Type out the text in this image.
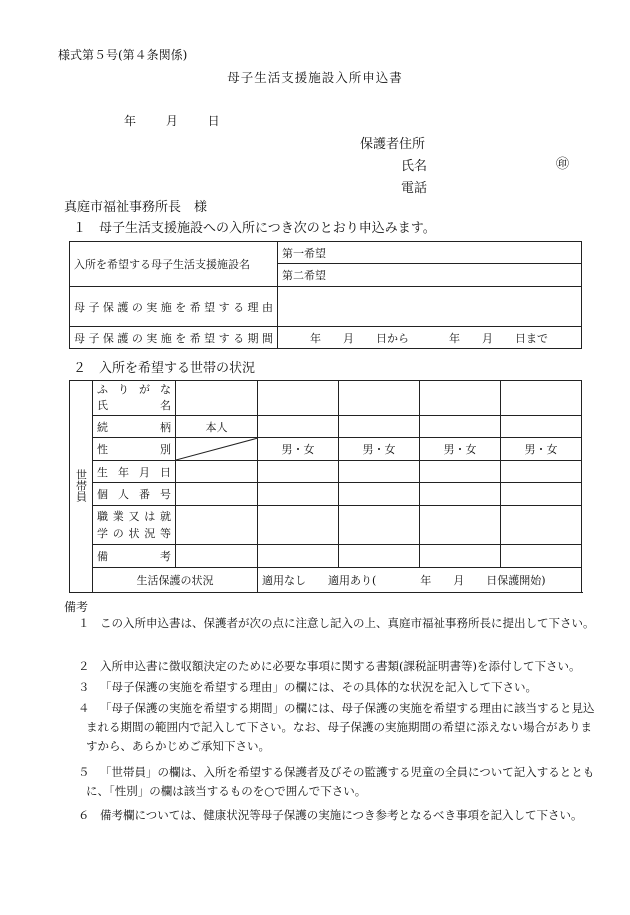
様式第５号(第４条関係)
母子生活支援施設入所申込書
年 月 日
保護者住所
氏名	㊞
電話
真庭市福祉事務所長　様
１　母子生活支援施設への入所につき次のとおり申込みます。
入所を希望する母子生活支援施設名	第一希望
	第二希望
母子保護の実施を希望する理由	
母子保護の実施を希望する期間	年　　月　　日から 年　　月　　日まで
２　入所を希望する世帯の状況
世帯員	ふりがな
氏名					

	続柄	本人				
	性別		男・女	男・女	男・女	男・女
	生年月日					
	個人番号					

	職業又は就
学の状況等					

	備考					
	生活保護の状況		適用なし　　適用あり(　　　　年　　月　　日保護開始)			
備考
１ この入所申込書は、保護者が次の点に注意し記入の上、真庭市福祉事務所長に提出して下さい。
２ 入所申込書に徴収額決定のために必要な事項に関する書類(課税証明書等)を添付して下さい。
３ 「母子保護の実施を希望する理由」の欄には、その具体的な状況を記入して下さい。
４ 「母子保護の実施を希望する期間」の欄には、母子保護の実施を希望する理由に該当すると見込まれる期間の範囲内で記入して下さい。なお、母子保護の実施期間の希望に添えない場合がありますから、あらかじめご承知下さい。
５ 「世帯員」の欄は、入所を希望する保護者及びその監護する児童の全員について記入するとともに、「性別」の欄は該当するものを○で囲んで下さい。
６ 備考欄については、健康状況等母子保護の実施につき参考となるべき事項を記入して下さい。
